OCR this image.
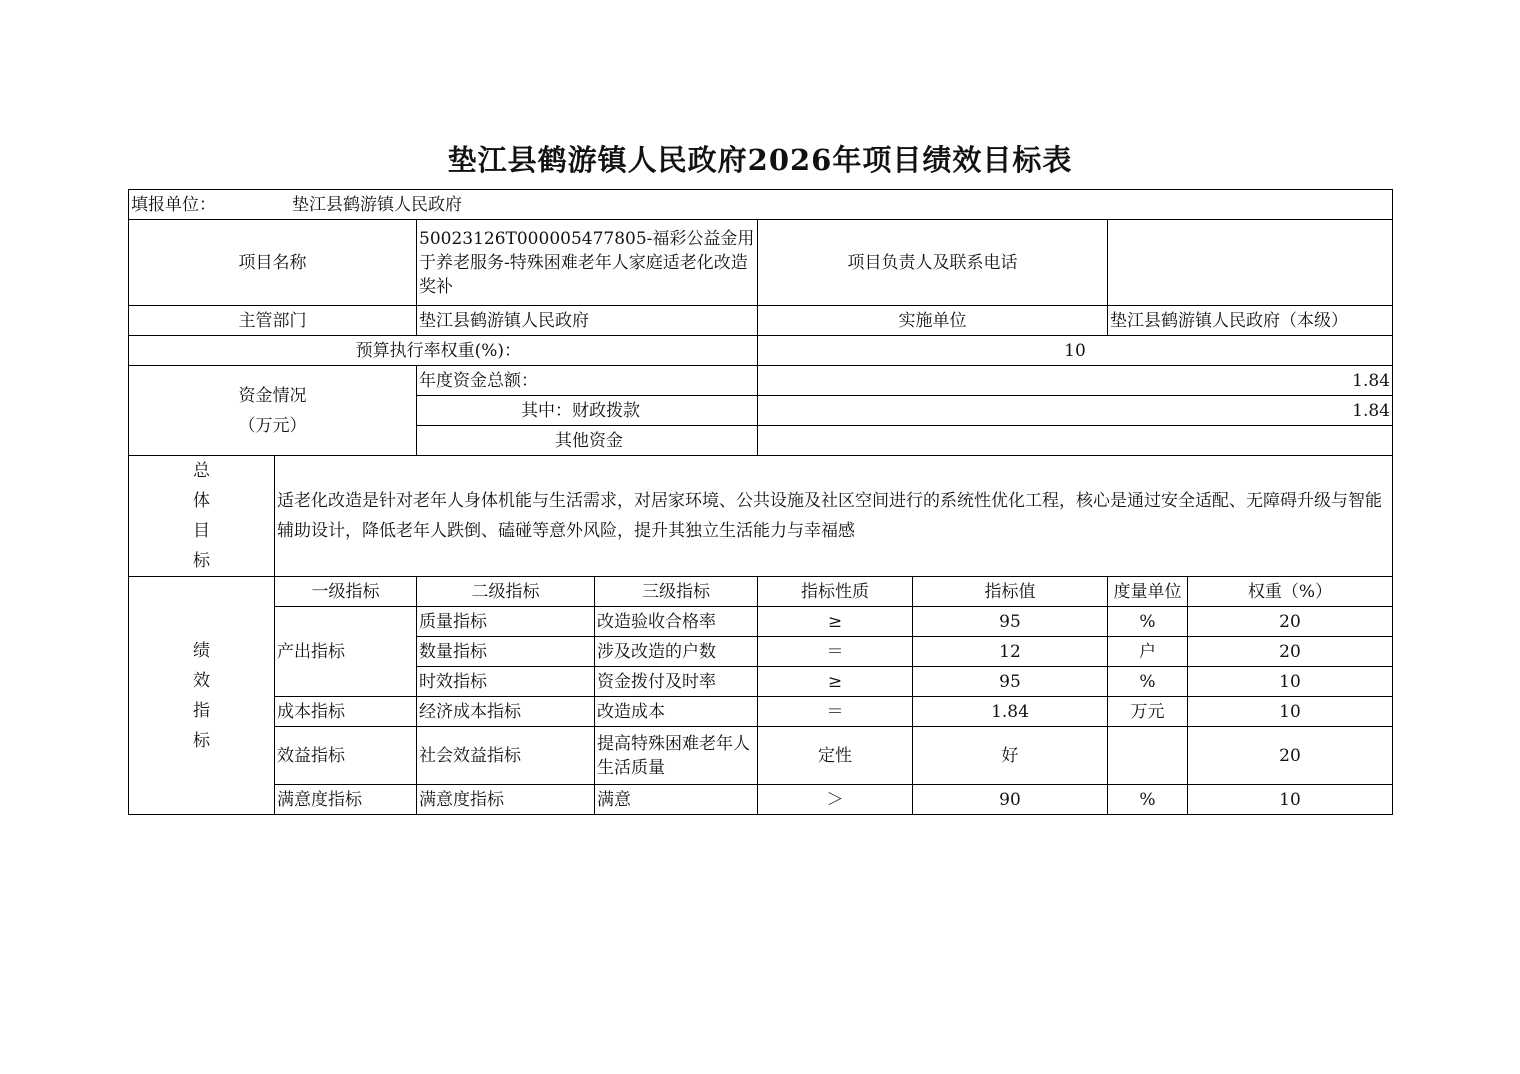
垫江县鹤游镇人民政府2026年项目绩效目标表
填报单位： 垫江县鹤游镇人民政府							
项目名称		50023126T000005477805-福彩公益金用于养老服务-特殊困难老年人家庭适老化改造奖补		项目负责人及联系电话			
主管部门		垫江县鹤游镇人民政府		实施单位		垫江县鹤游镇人民政府（本级）	
预算执行率权重(%)：				10			

资金情况
（万元）		年度资金总额：		1.84			
		其中：财政拨款		1.84			
		其他资金					

总
体
目
标	适老化改造是针对老年人身体机能与生活需求，对居家环境、公共设施及社区空间进行的系统性优化工程，核心是通过安全适配、无障碍升级与智能辅助设计，降低老年人跌倒、磕碰等意外风险，提升其独立生活能力与幸福感						

绩
效
指
标	一级指标	二级指标	三级指标	指标性质	指标值	度量单位	权重（%）
	产出指标	质量指标	改造验收合格率	≥	95	%	20
		数量指标	涉及改造的户数	＝	12	户	20
		时效指标	资金拨付及时率	≥	95	%	10
	成本指标	经济成本指标	改造成本	＝	1.84	万元	10
	效益指标	社会效益指标	提高特殊困难老年人生活质量	定性	好		20
	满意度指标	满意度指标	满意	＞	90	%	10
